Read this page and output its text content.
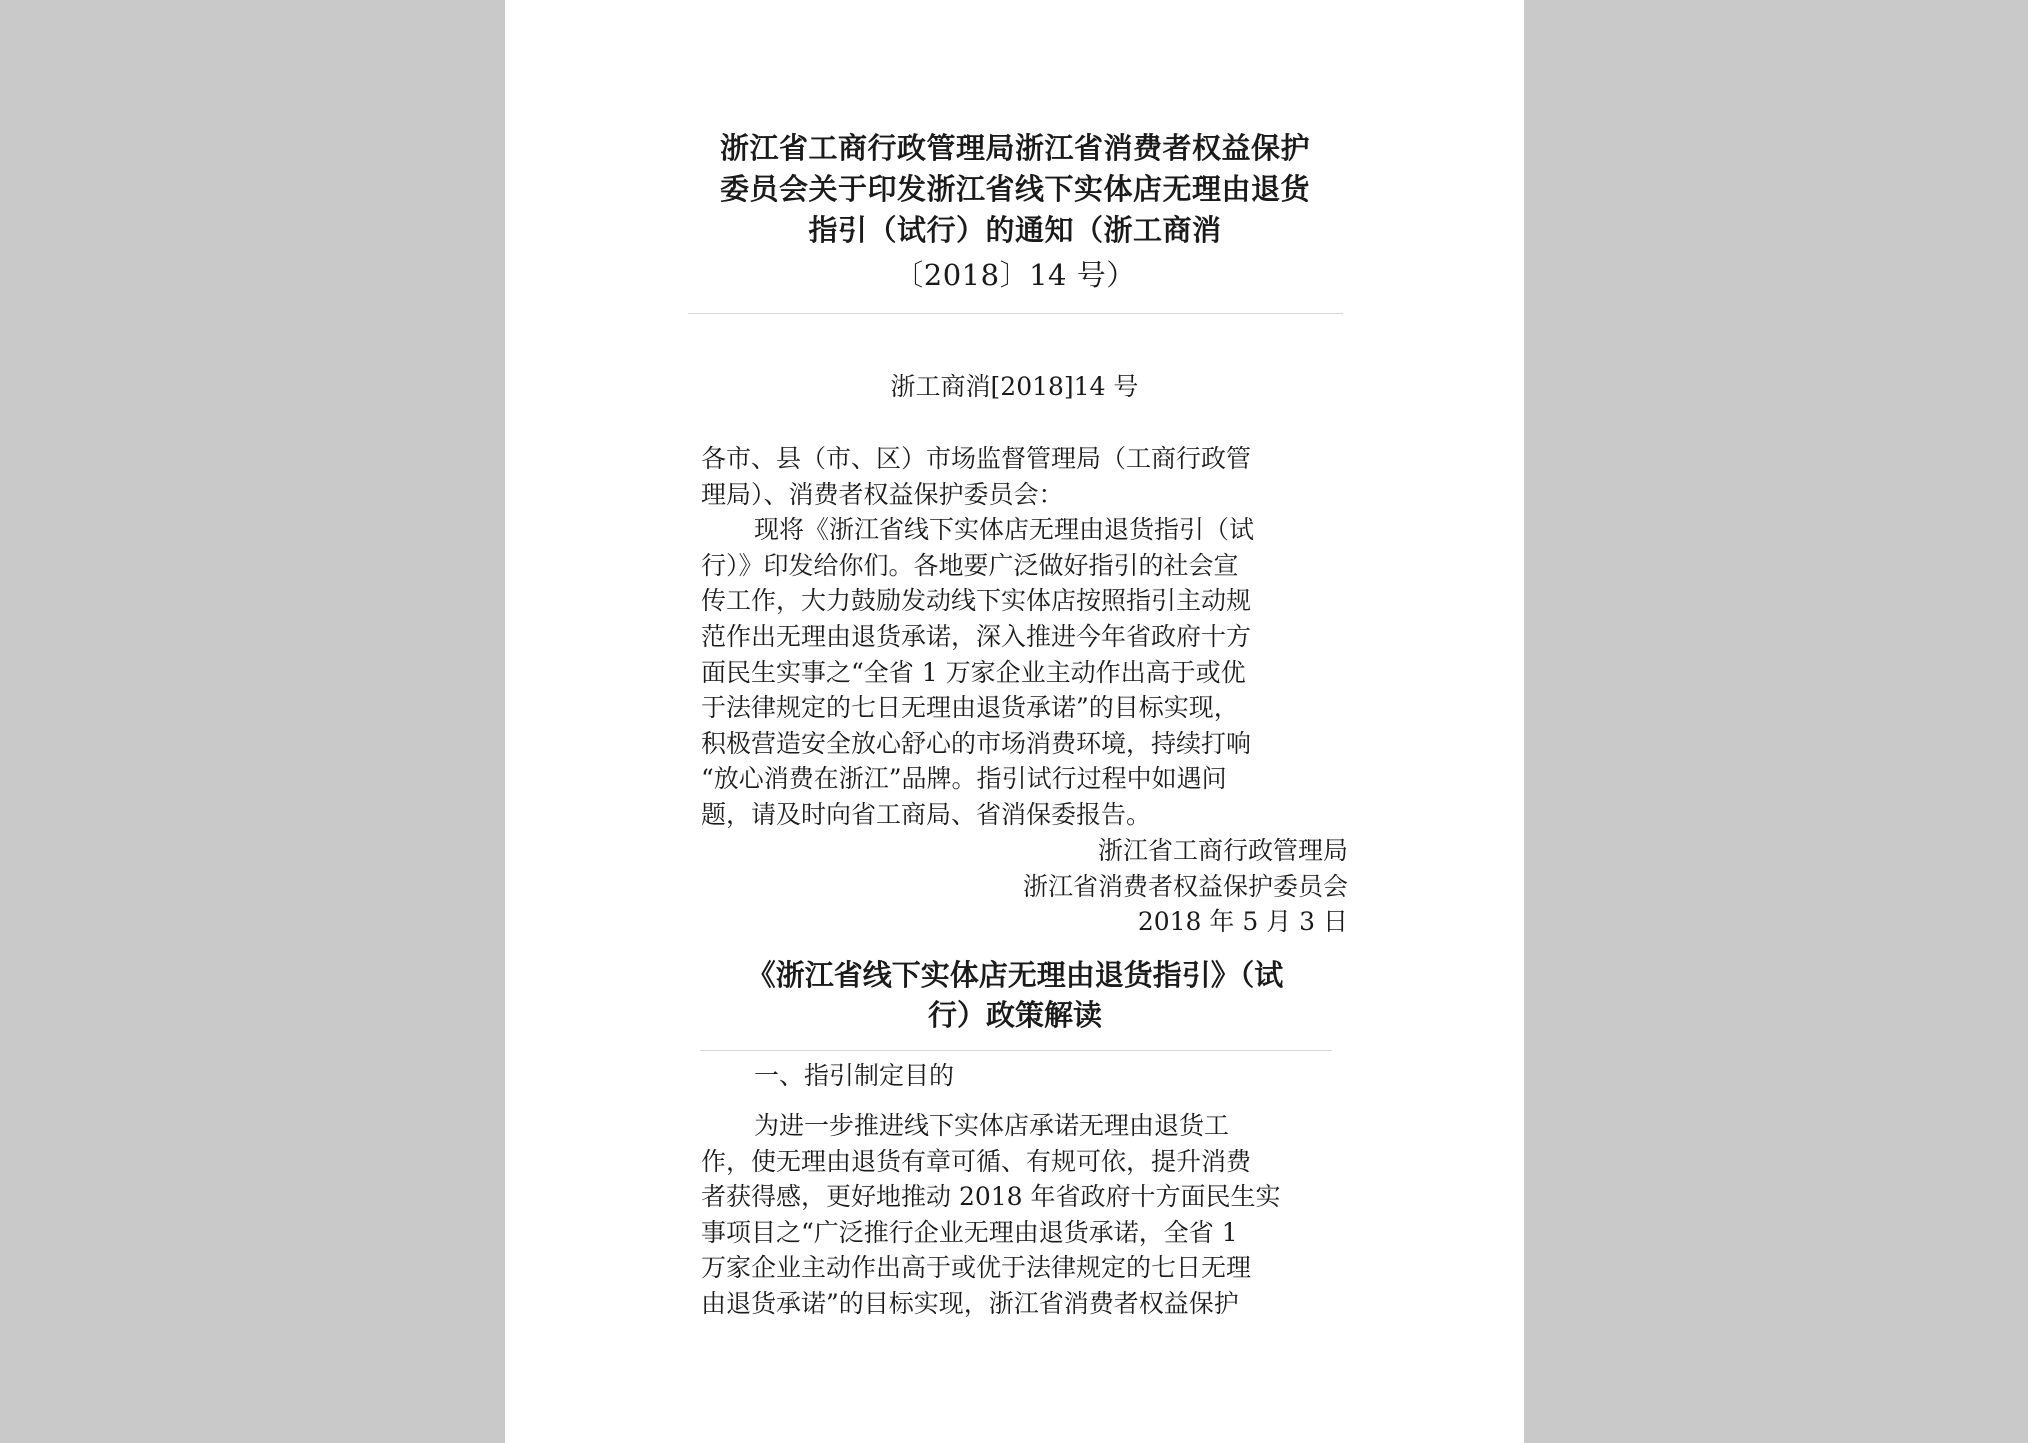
浙江省工商行政管理局浙江省消费者权益保护
委员会关于印发浙江省线下实体店无理由退货
指引（试行）的通知（浙工商消
〔2018〕14 号）
浙工商消[2018]14 号
各市、县（市、区）市场监督管理局（工商行政管
理局）、消费者权益保护委员会：
现将《浙江省线下实体店无理由退货指引（试
行）》印发给你们。各地要广泛做好指引的社会宣
传工作，大力鼓励发动线下实体店按照指引主动规
范作出无理由退货承诺，深入推进今年省政府十方
面民生实事之“全省 1 万家企业主动作出高于或优
于法律规定的七日无理由退货承诺”的目标实现，
积极营造安全放心舒心的市场消费环境，持续打响
“放心消费在浙江”品牌。指引试行过程中如遇问
题，请及时向省工商局、省消保委报告。
浙江省工商行政管理局
浙江省消费者权益保护委员会
2018 年 5 月 3 日
《浙江省线下实体店无理由退货指引》（试
行）政策解读
一、指引制定目的
为进一步推进线下实体店承诺无理由退货工
作，使无理由退货有章可循、有规可依，提升消费
者获得感，更好地推动 2018 年省政府十方面民生实
事项目之“广泛推行企业无理由退货承诺，全省 1
万家企业主动作出高于或优于法律规定的七日无理
由退货承诺”的目标实现，浙江省消费者权益保护
